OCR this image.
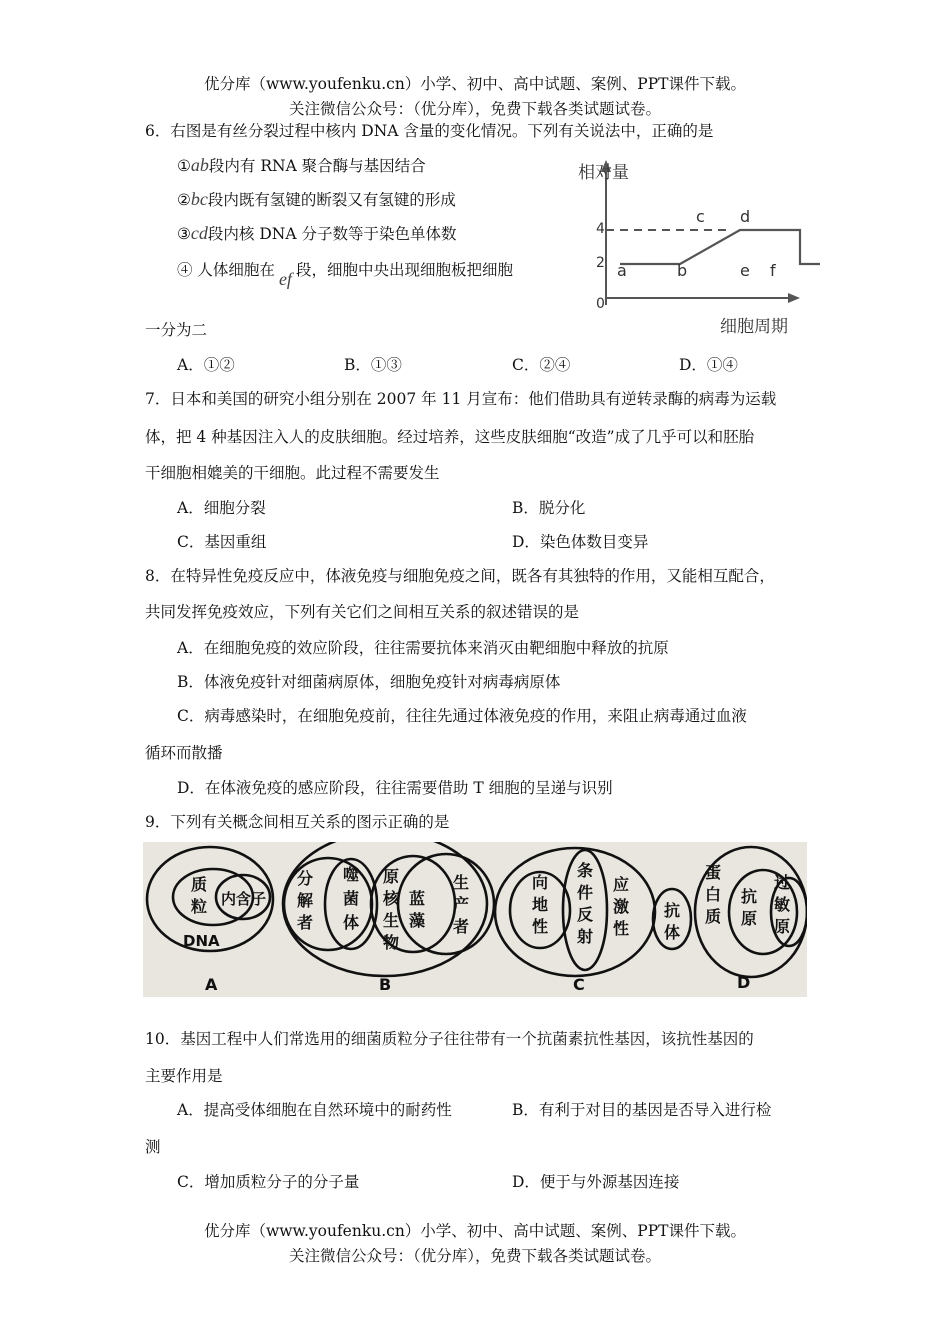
优分库（www.youfenku.cn）小学、初中、高中试题、案例、PPT课件下载。
关注微信公众号：（优分库），免费下载各类试题试卷。
6．右图是有丝分裂过程中核内 DNA 含量的变化情况。下列有关说法中，正确的是
①ab段内有 RNA 聚合酶与基因结合
②bc段内既有氢键的断裂又有氢键的形成
③cd段内核 DNA 分子数等于染色单体数
④ 人体细胞在 ef 段，细胞中央出现细胞板把细胞
一分为二
A．①②	B．①③	C．②④	D．①④
相对量
细胞周期
0
2
4
a	b
c d
e f
7．日本和美国的研究小组分别在 2007 年 11 月宣布：他们借助具有逆转录酶的病毒为运载
体，把 4 种基因注入人的皮肤细胞。经过培养，这些皮肤细胞“改造”成了几乎可以和胚胎
干细胞相媲美的干细胞。此过程不需要发生
A．细胞分裂	B．脱分化
C．基因重组	D．染色体数目变异
8．在特异性免疫反应中，体液免疫与细胞免疫之间，既各有其独特的作用，又能相互配合，
共同发挥免疫效应，下列有关它们之间相互关系的叙述错误的是
A．在细胞免疫的效应阶段，往往需要抗体来消灭由靶细胞中释放的抗原
B．体液免疫针对细菌病原体，细胞免疫针对病毒病原体
C．病毒感染时，在细胞免疫前，往往先通过体液免疫的作用，来阻止病毒通过血液
循环而散播
D．在体液免疫的感应阶段，往往需要借助 T 细胞的呈递与识别
9．下列有关概念间相互关系的图示正确的是
质
粒 内含子
DNA
A
分
解
者
噬
菌
体
原
核
生
物
蓝
藻
生
产
者
B
向
地
性
条
件
反
射
应
激
性
C
抗
体
蛋
白
质
抗
原
过
敏
原
D
10．基因工程中人们常选用的细菌质粒分子往往带有一个抗菌素抗性基因，该抗性基因的
主要作用是
A．提高受体细胞在自然环境中的耐药性	B．有利于对目的基因是否导入进行检
测
C．增加质粒分子的分子量	D．便于与外源基因连接
优分库（www.youfenku.cn）小学、初中、高中试题、案例、PPT课件下载。
关注微信公众号：（优分库），免费下载各类试题试卷。
